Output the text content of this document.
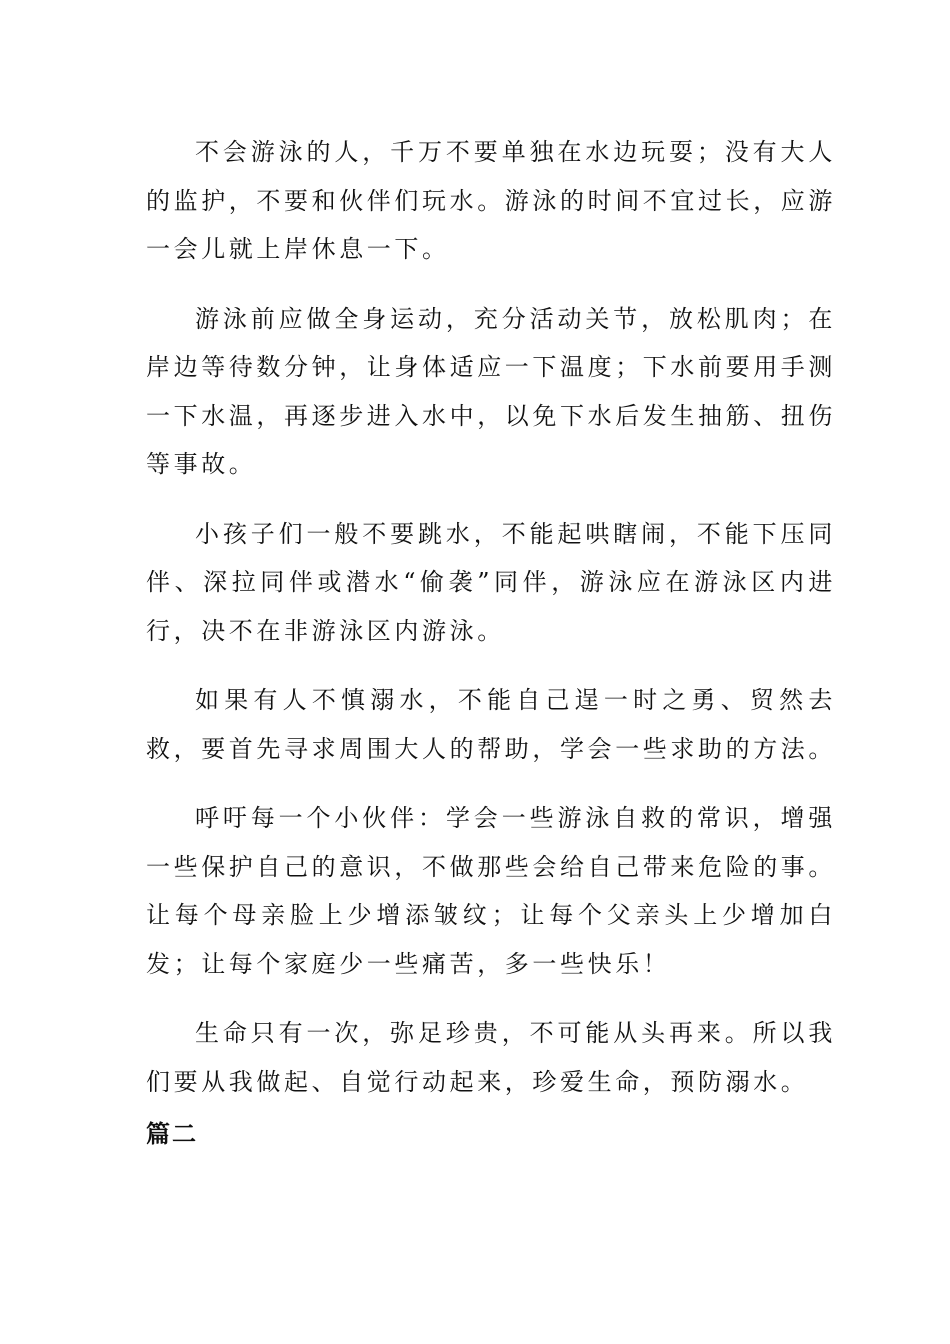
不会游泳的人，千万不要单独在水边玩耍；没有大人的监护，不要和伙伴们玩水。游泳的时间不宜过长，应游一会儿就上岸休息一下。

游泳前应做全身运动，充分活动关节，放松肌肉；在岸边等待数分钟，让身体适应一下温度；下水前要用手测一下水温，再逐步进入水中，以免下水后发生抽筋、扭伤等事故。

小孩子们一般不要跳水，不能起哄瞎闹，不能下压同伴、深拉同伴或潜水“偷袭”同伴，游泳应在游泳区内进行，决不在非游泳区内游泳。

如果有人不慎溺水，不能自己逞一时之勇、贸然去救，要首先寻求周围大人的帮助，学会一些求助的方法。

呼吁每一个小伙伴：学会一些游泳自救的常识，增强一些保护自己的意识，不做那些会给自己带来危险的事。让每个母亲脸上少增添皱纹；让每个父亲头上少增加白发；让每个家庭少一些痛苦，多一些快乐！

生命只有一次，弥足珍贵，不可能从头再来。所以我们要从我做起、自觉行动起来，珍爱生命，预防溺水。

篇二
